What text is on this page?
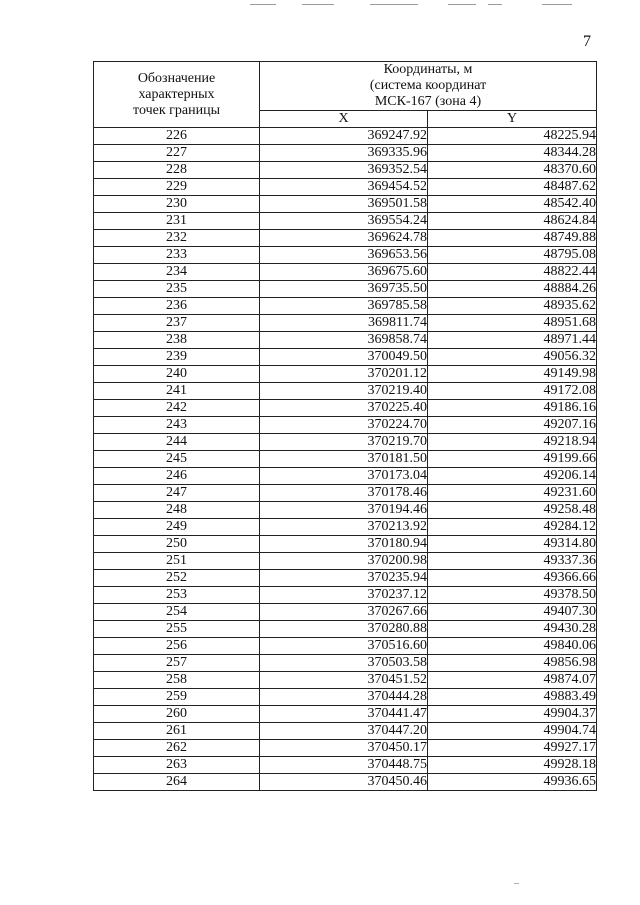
7
Обозначение
характерных
точек границы	Координаты, м
(система координат
МСК-167 (зона 4)	

	X	Y
226	369247.92	48225.94
227	369335.96	48344.28
228	369352.54	48370.60
229	369454.52	48487.62
230	369501.58	48542.40
231	369554.24	48624.84
232	369624.78	48749.88
233	369653.56	48795.08
234	369675.60	48822.44
235	369735.50	48884.26
236	369785.58	48935.62
237	369811.74	48951.68
238	369858.74	48971.44
239	370049.50	49056.32
240	370201.12	49149.98
241	370219.40	49172.08
242	370225.40	49186.16
243	370224.70	49207.16
244	370219.70	49218.94
245	370181.50	49199.66
246	370173.04	49206.14
247	370178.46	49231.60
248	370194.46	49258.48
249	370213.92	49284.12
250	370180.94	49314.80
251	370200.98	49337.36
252	370235.94	49366.66
253	370237.12	49378.50
254	370267.66	49407.30
255	370280.88	49430.28
256	370516.60	49840.06
257	370503.58	49856.98
258	370451.52	49874.07
259	370444.28	49883.49
260	370441.47	49904.37
261	370447.20	49904.74
262	370450.17	49927.17
263	370448.75	49928.18
264	370450.46	49936.65
